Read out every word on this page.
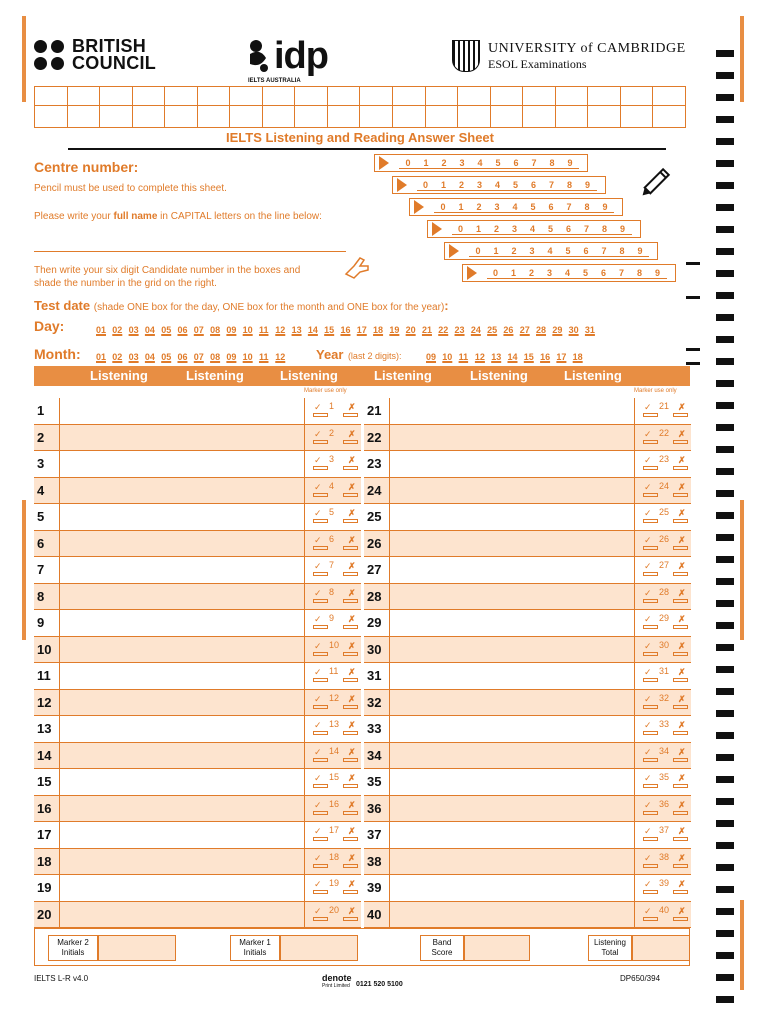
BRITISH
COUNCIL	idp
IELTS AUSTRALIA
UNIVERSITY of CAMBRIDGE
ESOL Examinations
IELTS Listening and Reading Answer Sheet
Centre number:
Pencil must be used to complete this sheet.
Please write your full name in CAPITAL letters on the line below:
Then write your six digit Candidate number in the boxes and
shade the number in the grid on the right.
0	1	2	3	4	5	6	7	8	9
0	1	2	3	4	5	6	7	8	9
0	1	2	3	4	5	6	7	8	9
0	1	2	3	4	5	6	7	8	9
0	1	2	3	4	5	6	7	8	9
0	1	2	3	4	5	6	7	8	9
Test date (shade ONE box for the day, ONE box for the month and ONE box for the year):
Day:	01 02 03 04 05 06 07 08 09 10 11 12 13 14 15 16 17 18 19 20 21 22 23 24 25 26 27 28 29 30 31
Month: 01 02 03 04 05 06 07 08 09 10 11 12	Year (last 2 digits):	09 10 11 12 13 14 15 16 17 18
Listening	Listening	Listening	Listening	Listening	Listening
Marker use only
1	✓ 1 ✗
2	✓ 2 ✗
3	✓ 3 ✗
4	✓ 4 ✗
5	✓ 5 ✗
6	✓ 6 ✗
7	✓ 7 ✗
8	✓ 8 ✗
9	✓ 9 ✗
10	✓ 10 ✗
11	✓ 11 ✗
12	✓ 12 ✗
13	✓ 13 ✗
14	✓ 14 ✗
15	✓ 15 ✗
16	✓ 16 ✗
17	✓ 17 ✗
18	✓ 18 ✗
19	✓ 19 ✗
20	✓ 20 ✗
Marker use only
21	✓ 21 ✗
22	✓ 22 ✗
23	✓ 23 ✗
24	✓ 24 ✗
25	✓ 25 ✗
26	✓ 26 ✗
27	✓ 27 ✗
28	✓ 28 ✗
29	✓ 29 ✗
30	✓ 30 ✗
31	✓ 31 ✗
32	✓ 32 ✗
33	✓ 33 ✗
34	✓ 34 ✗
35	✓ 35 ✗
36	✓ 36 ✗
37	✓ 37 ✗
38	✓ 38 ✗
39	✓ 39 ✗
40	✓ 40 ✗
Marker 2
Initials
Marker 1
Initials
Band
Score
Listening
Total
IELTS L-R v4.0	denote
Print Limited 0121 520 5100
DP650/394
